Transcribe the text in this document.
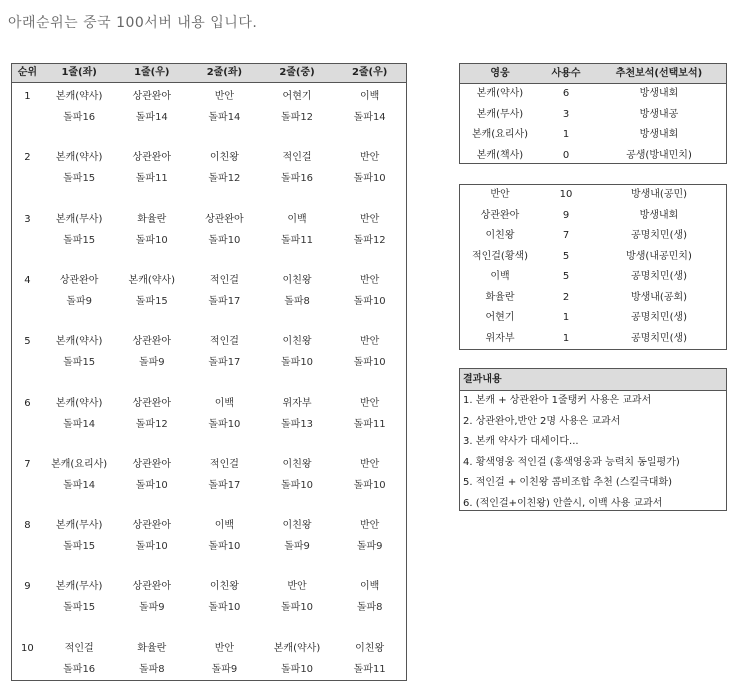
아래순위는 중국 100서버 내용 입니다.
순위	1줄(좌)	1줄(우)	2줄(좌)	2줄(중)	2줄(우)
1	본캐(약사)	상관완아	반안	어현기	이백
돌파16	돌파14	돌파14	돌파12	돌파14
2	본캐(약사)	상관완아	이친왕	적인걸	반안
돌파15	돌파11	돌파12	돌파16	돌파10
3	본캐(무사)	화율란	상관완아	이백	반안
돌파15	돌파10	돌파10	돌파11	돌파12
4	상관완아	본캐(약사)	적인걸	이친왕	반안
돌파9	돌파15	돌파17	돌파8	돌파10
5	본캐(약사)	상관완아	적인걸	이친왕	반안
돌파15	돌파9	돌파17	돌파10	돌파10
6	본캐(약사)	상관완아	이백	위자부	반안
돌파14	돌파12	돌파10	돌파13	돌파11
7	본캐(요리사)	상관완아	적인걸	이친왕	반안
돌파14	돌파10	돌파17	돌파10	돌파10
8	본캐(무사)	상관완아	이백	이친왕	반안
돌파15	돌파10	돌파10	돌파9	돌파9
9	본캐(무사)	상관완아	이친왕	반안	이백
돌파15	돌파9	돌파10	돌파10	돌파8
10	적인걸	화율란	반안	본캐(약사)	이친왕
돌파16	돌파8	돌파9	돌파10	돌파11
영웅	사용수	추천보석(선택보석)
본캐(약사)	6	방생내회
본캐(무사)	3	방생내공
본캐(요리사)	1	방생내회
본캐(책사)	0	공생(방내민치)
반안	10	방생내(공민)
상관완아	9	방생내회
이친왕	7	공명치민(생)
적인걸(황색)	5	방생(내공민치)
이백	5	공명치민(생)
화율란	2	방생내(공회)
어현기	1	공명치민(생)
위자부	1	공명치민(생)
결과내용
1. 본캐 + 상관완아 1줄탱커 사용은 교과서
2. 상관완아,반안 2명 사용은 교과서
3. 본캐 약사가 대세이다...
4. 황색영웅 적인걸 (홍색영웅과 능력치 동일평가)
5. 적인걸 + 이친왕 콤비조합 추천 (스킬극대화)
6. (적인걸+이친왕) 안쓸시, 이백 사용 교과서
